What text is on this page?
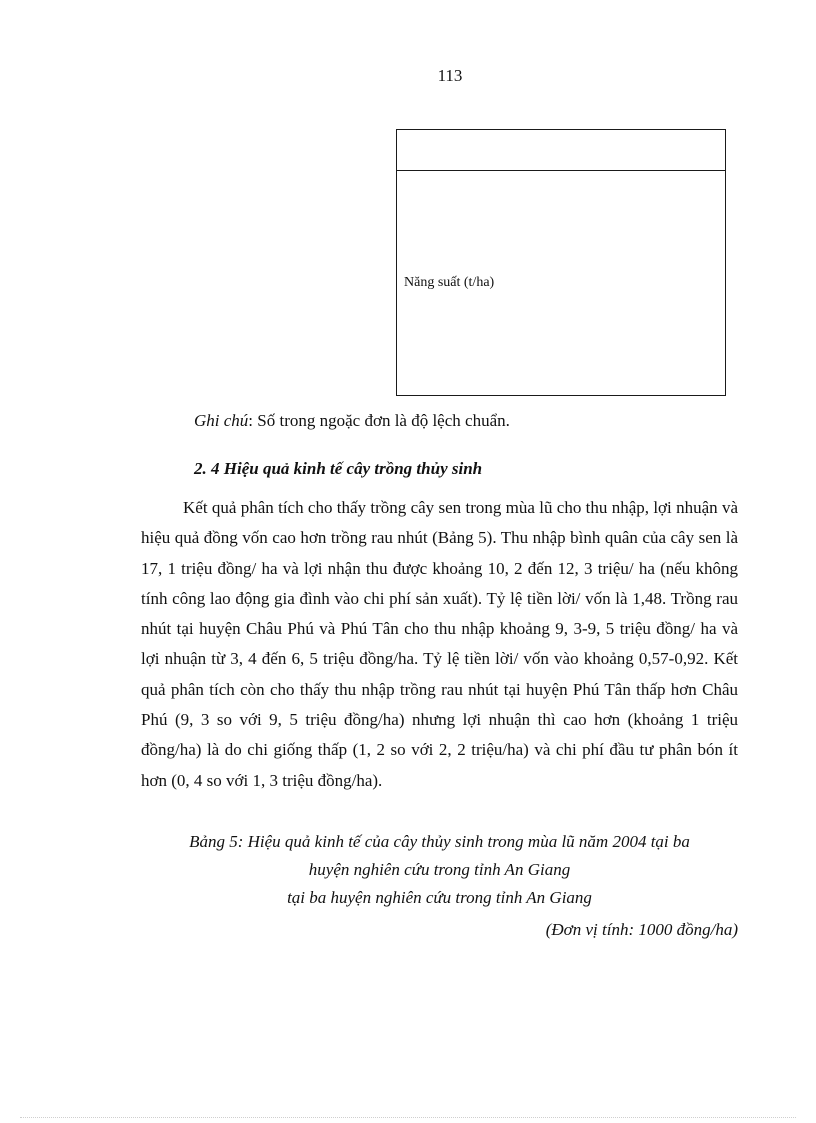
113
Năng suất (t/ha)
Ghi chú: Số trong ngoặc đơn là độ lệch chuẩn.
2. 4 Hiệu quả kinh tế cây trồng thủy sinh

Kết quả phân tích cho thấy trồng cây sen trong mùa lũ cho thu nhập, lợi nhuận và hiệu quả đồng vốn cao hơn trồng rau nhút (Bảng 5). Thu nhập bình quân của cây sen là 17, 1 triệu đồng/ ha và lợi nhận thu được khoảng 10, 2 đến 12, 3 triệu/ ha (nếu không tính công lao động gia đình vào chi phí sản xuất). Tỷ lệ tiền lời/ vốn là 1,48. Trồng rau nhút tại huyện Châu Phú và Phú Tân cho thu nhập khoảng 9, 3-9, 5 triệu đồng/ ha và lợi nhuận từ 3, 4 đến 6, 5 triệu đồng/ha. Tỷ lệ tiền lời/ vốn vào khoảng 0,57-0,92. Kết quả phân tích còn cho thấy thu nhập trồng rau nhút tại huyện Phú Tân thấp hơn Châu Phú (9, 3 so với 9, 5 triệu đồng/ha) nhưng lợi nhuận thì cao hơn (khoảng 1 triệu đồng/ha) là do chi giống thấp (1, 2 so với 2, 2 triệu/ha) và chi phí đầu tư phân bón ít hơn (0, 4 so với 1, 3 triệu đồng/ha).

Bảng 5: Hiệu quả kinh tế của cây thủy sinh trong mùa lũ năm 2004 tại ba
huyện nghiên cứu trong tỉnh An Giang
tại ba huyện nghiên cứu trong tỉnh An Giang
(Đơn vị tính: 1000 đồng/ha)
